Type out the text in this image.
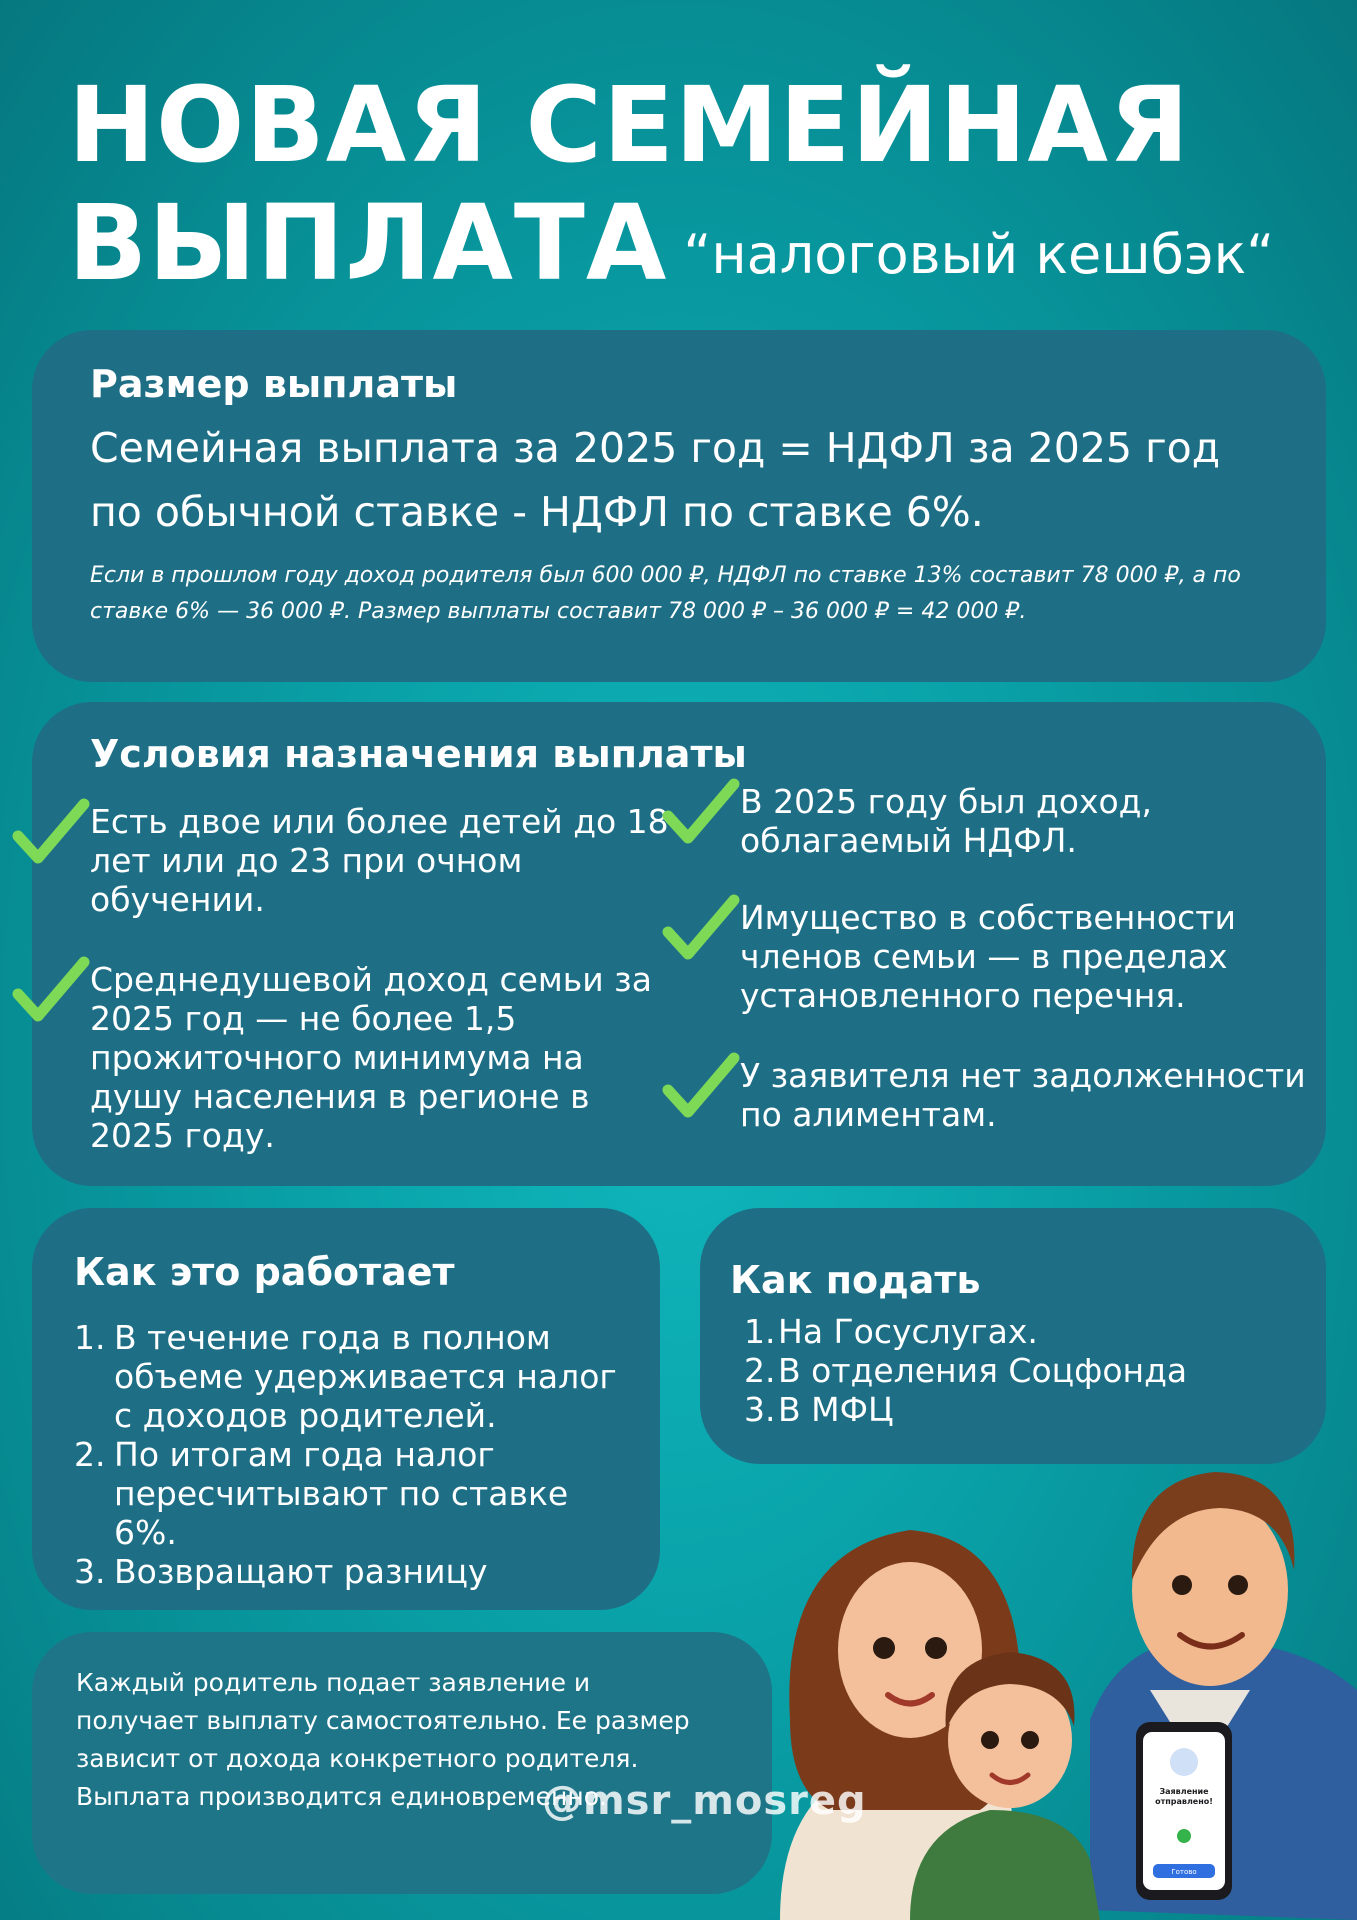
НОВАЯ СЕМЕЙНАЯ
ВЫПЛАТА “налоговый кешбэк“
Размер выплаты
Семейная выплата за 2025 год = НДФЛ за 2025 год по обычной ставке - НДФЛ по ставке 6%.
Если в прошлом году доход родителя был 600 000 ₽, НДФЛ по ставке 13% составит 78 000 ₽, а по ставке 6% — 36 000 ₽. Размер выплаты составит 78 000 ₽ – 36 000 ₽ = 42 000 ₽.
Условия назначения выплаты
Есть двое или более детей до 18 лет или до 23 при очном обучении.
Среднедушевой доход семьи за 2025 год — не более 1,5 прожиточного минимума на душу населения в регионе в 2025 году.
В 2025 году был доход, облагаемый НДФЛ.
Имущество в собственности членов семьи — в пределах установленного перечня.
У заявителя нет задолженности по алиментам.
Как это работает
1. В течение года в полном объеме удерживается налог с доходов родителей.
2. По итогам года налог пересчитывают по ставке 6%.
3. Возвращают разницу
Как подать
1. На Госуслугах.
2. В отделения Соцфонда
3. В МФЦ
Каждый родитель подает заявление и получает выплату самостоятельно. Ее размер зависит от дохода конкретного родителя. Выплата производится единовременно.	Заявление
отправлено!
Готово
@msr_mosreg
